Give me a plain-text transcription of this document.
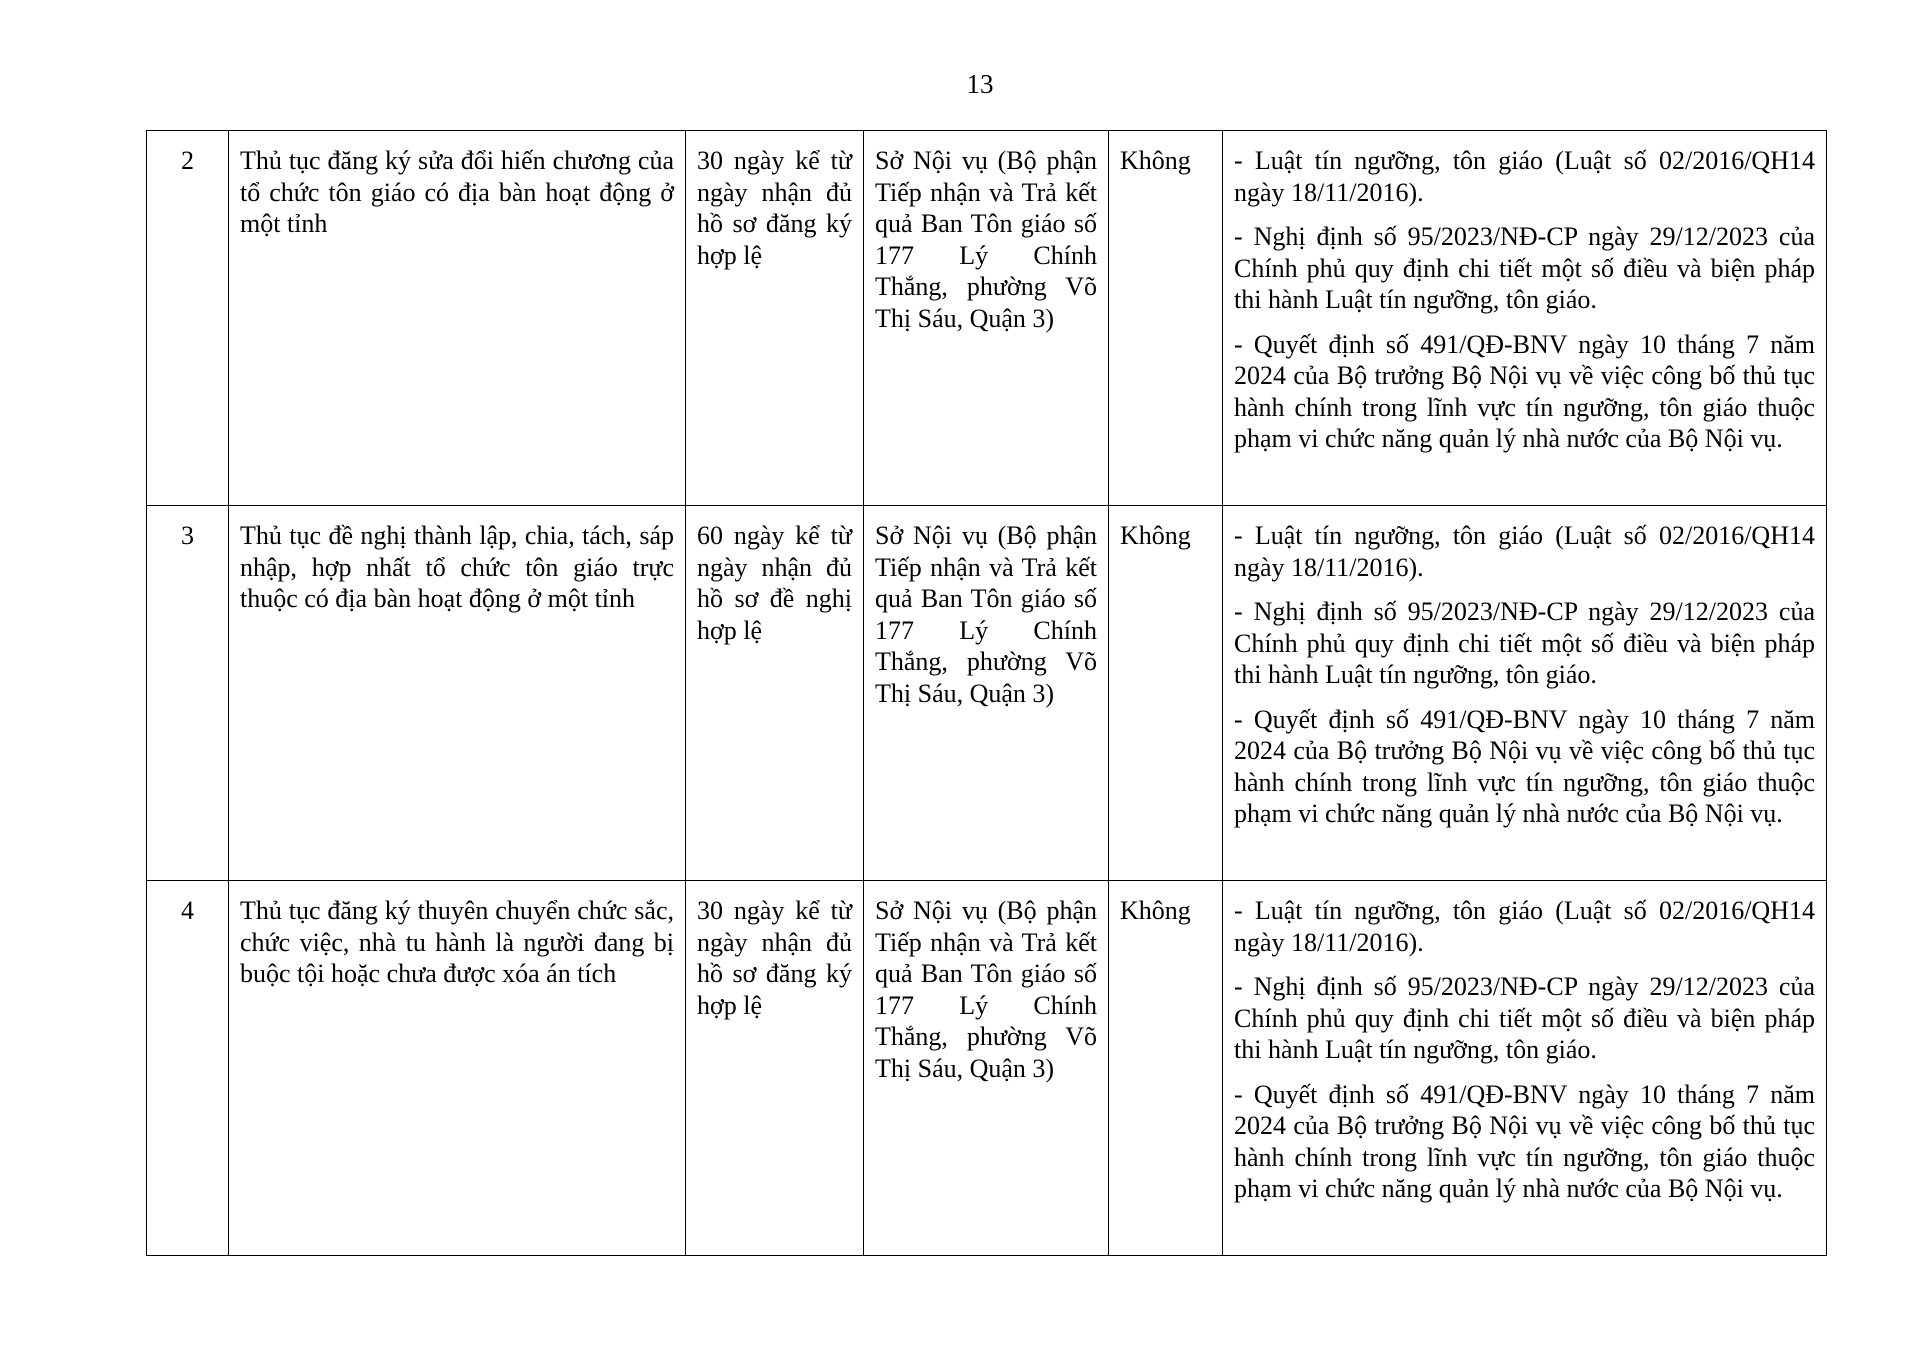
13
2	Thủ tục đăng ký sửa đổi hiến chương của tổ chức tôn giáo có địa bàn hoạt động ở một tỉnh	30 ngày kể từ ngày nhận đủ hồ sơ đăng ký hợp lệ	Sở Nội vụ (Bộ phận Tiếp nhận và Trả kết quả Ban Tôn giáo số 177 Lý Chính Thắng, phường Võ Thị Sáu, Quận 3)	Không	- Luật tín ngưỡng, tôn giáo (Luật số 02/2016/QH14 ngày 18/11/2016).
- Nghị định số 95/2023/NĐ-CP ngày 29/12/2023 của Chính phủ quy định chi tiết một số điều và biện pháp thi hành Luật tín ngưỡng, tôn giáo.
- Quyết định số 491/QĐ-BNV ngày 10 tháng 7 năm 2024 của Bộ trưởng Bộ Nội vụ về việc công bố thủ tục hành chính trong lĩnh vực tín ngưỡng, tôn giáo thuộc phạm vi chức năng quản lý nhà nước của Bộ Nội vụ.

3	Thủ tục đề nghị thành lập, chia, tách, sáp nhập, hợp nhất tổ chức tôn giáo trực thuộc có địa bàn hoạt động ở một tỉnh	60 ngày kể từ ngày nhận đủ hồ sơ đề nghị hợp lệ	Sở Nội vụ (Bộ phận Tiếp nhận và Trả kết quả Ban Tôn giáo số 177 Lý Chính Thắng, phường Võ Thị Sáu, Quận 3)	Không	- Luật tín ngưỡng, tôn giáo (Luật số 02/2016/QH14 ngày 18/11/2016).
- Nghị định số 95/2023/NĐ-CP ngày 29/12/2023 của Chính phủ quy định chi tiết một số điều và biện pháp thi hành Luật tín ngưỡng, tôn giáo.
- Quyết định số 491/QĐ-BNV ngày 10 tháng 7 năm 2024 của Bộ trưởng Bộ Nội vụ về việc công bố thủ tục hành chính trong lĩnh vực tín ngưỡng, tôn giáo thuộc phạm vi chức năng quản lý nhà nước của Bộ Nội vụ.

4	Thủ tục đăng ký thuyên chuyển chức sắc, chức việc, nhà tu hành là người đang bị buộc tội hoặc chưa được xóa án tích	30 ngày kể từ ngày nhận đủ hồ sơ đăng ký hợp lệ	Sở Nội vụ (Bộ phận Tiếp nhận và Trả kết quả Ban Tôn giáo số 177 Lý Chính Thắng, phường Võ Thị Sáu, Quận 3)	Không	- Luật tín ngưỡng, tôn giáo (Luật số 02/2016/QH14 ngày 18/11/2016).
- Nghị định số 95/2023/NĐ-CP ngày 29/12/2023 của Chính phủ quy định chi tiết một số điều và biện pháp thi hành Luật tín ngưỡng, tôn giáo.
- Quyết định số 491/QĐ-BNV ngày 10 tháng 7 năm 2024 của Bộ trưởng Bộ Nội vụ về việc công bố thủ tục hành chính trong lĩnh vực tín ngưỡng, tôn giáo thuộc phạm vi chức năng quản lý nhà nước của Bộ Nội vụ.
